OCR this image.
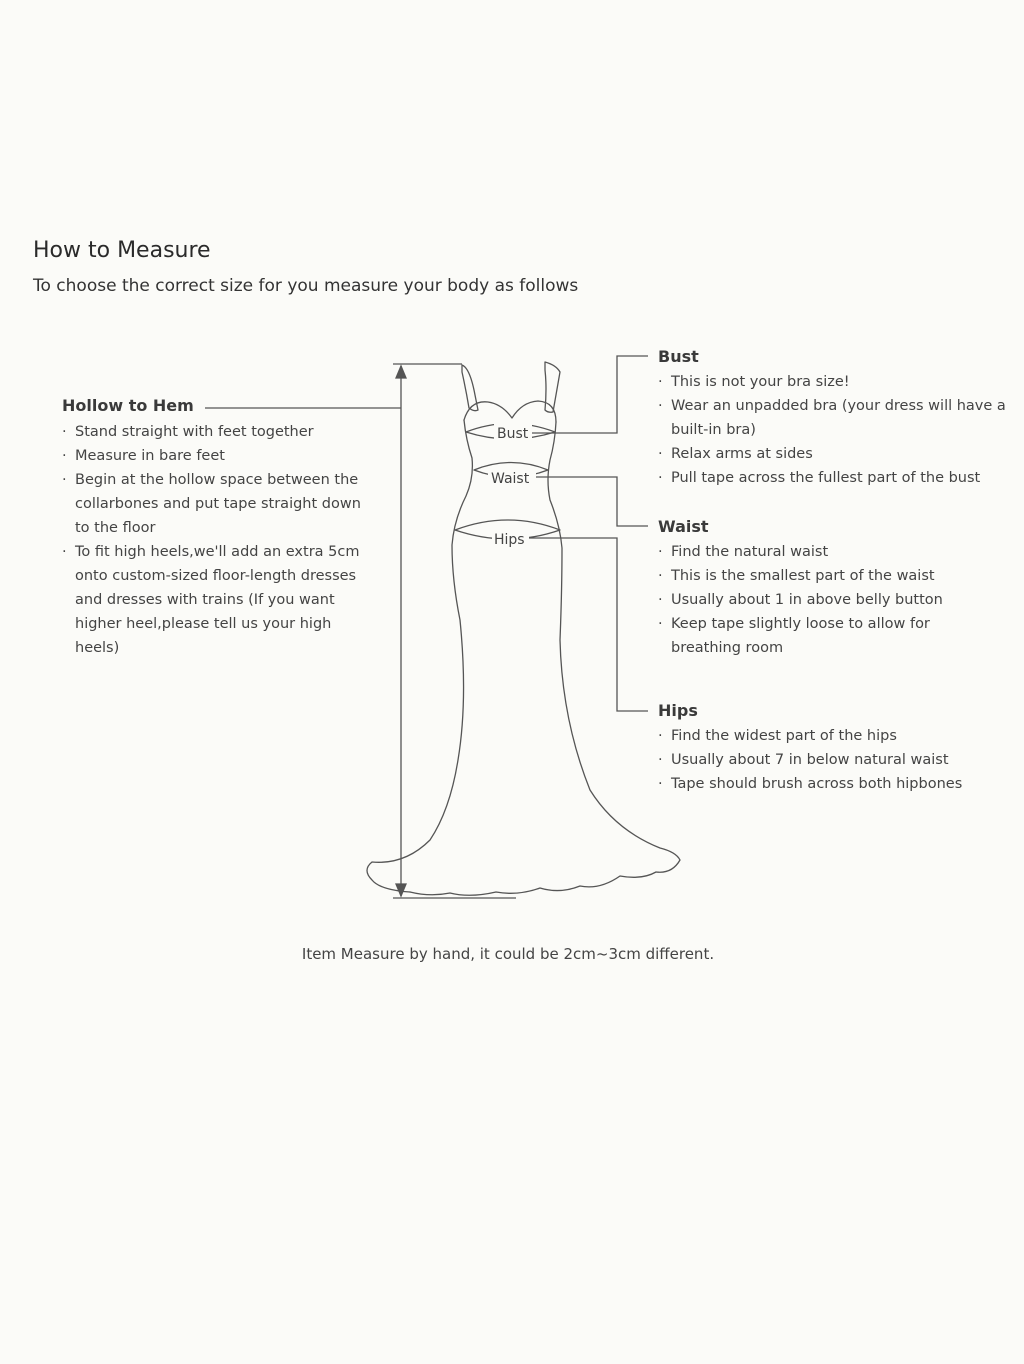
How to Measure
To choose the correct size for you measure your body as follows
Bust
Waist
Hips
Hollow to Hem
. Stand straight with feet together
. Measure in bare feet
. Begin at the hollow space between the collarbones and put tape straight down to the floor
. To fit high heels,we'll add an extra 5cm onto custom-sized floor-length dresses and dresses with trains (If you want higher heel,please tell us your high heels)
Bust
. This is not your bra size!
. Wear an unpadded bra (your dress will have a built-in bra)
. Relax arms at sides
. Pull tape across the fullest part of the bust
Waist
. Find the natural waist
. This is the smallest part of the waist
. Usually about 1 in above belly button
. Keep tape slightly loose to allow for breathing room
Hips
. Find the widest part of the hips
. Usually about 7 in below natural waist
. Tape should brush across both hipbones
Item Measure by hand, it could be 2cm~3cm different.
